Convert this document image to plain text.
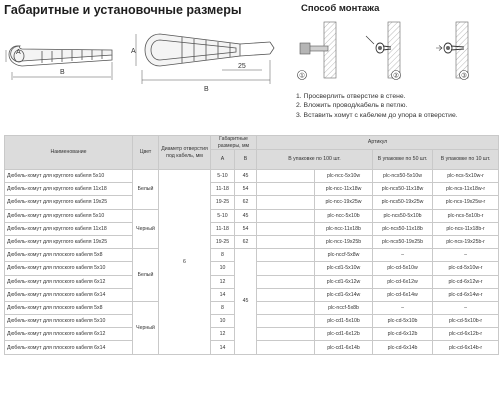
Габаритные и установочные размеры	Способ монтажа
A
B
A
25
B
①	②	③
1. Просверлить отверстие в стене.
2. Вложить провод/кабель в петлю.
3. Вставить хомут с кабелем до упора в отверстие.
Наименование	Цвет	Диаметр отверстия под кабель, мм	Габаритные размеры, мм		Артикул			
			A	B	В упаковке по 100 шт.		В упаковке по 50 шт.	В упаковке по 10 шт.
Дюбель-хомут для круглого кабеля 5х10	Белый	6	5-10	45		plc-ncc-5x10w	plc-ncs50-5x10w	plc-ncs-5x10w-r
Дюбель-хомут для круглого кабеля 11х18			11-18	54		plc-ncc-11x18w	plc-ncs50-11x18w	plc-ncs-11x18w-r
Дюбель-хомут для круглого кабеля 19х25			19-25	62		plc-ncc-19x25w	plc-ncs50-19x25w	plc-ncs-19x25w-r
Дюбель-хомут для круглого кабеля 5х10	Черный		5-10	45		plc-ncc-5x10b	plc-ncs50-5x10b	plc-ncs-5x10b-r
Дюбель-хомут для круглого кабеля 11х18			11-18	54		plc-ncc-11x18b	plc-ncs50-11x18b	plc-ncs-11x18b-r
Дюбель-хомут для круглого кабеля 19х25			19-25	62		plc-ncc-19x25b	plc-ncs50-19x25b	plc-ncs-19x25b-r
Дюбель-хомут для плоского кабеля 5х8	Белый		8	45		plc-nccf-5x8w	–	–
Дюбель-хомут для плоского кабеля 5х10			10			plc-cd1-5x10w	plc-cd-5x10w	plc-cd-5x10w-r
Дюбель-хомут для плоского кабеля 6х12			12			plc-cd1-6x12w	plc-cd-6x12w	plc-cd-6x12w-r
Дюбель-хомут для плоского кабеля 6х14			14			plc-cd1-6x14w	plc-cd-6x14w	plc-cd-6x14w-r
Дюбель-хомут для плоского кабеля 5х8	Черный		8			plc-nccf-5x8b	–	–
Дюбель-хомут для плоского кабеля 5х10			10			plc-cd1-5x10b	plc-cd-5x10b	plc-cd-5x10b-r
Дюбель-хомут для плоского кабеля 6х12			12			plc-cd1-6x12b	plc-cd-6x12b	plc-cd-6x12b-r
Дюбель-хомут для плоского кабеля 6х14			14			plc-cd1-6x14b	plc-cd-6x14b	plc-cd-6x14b-r
